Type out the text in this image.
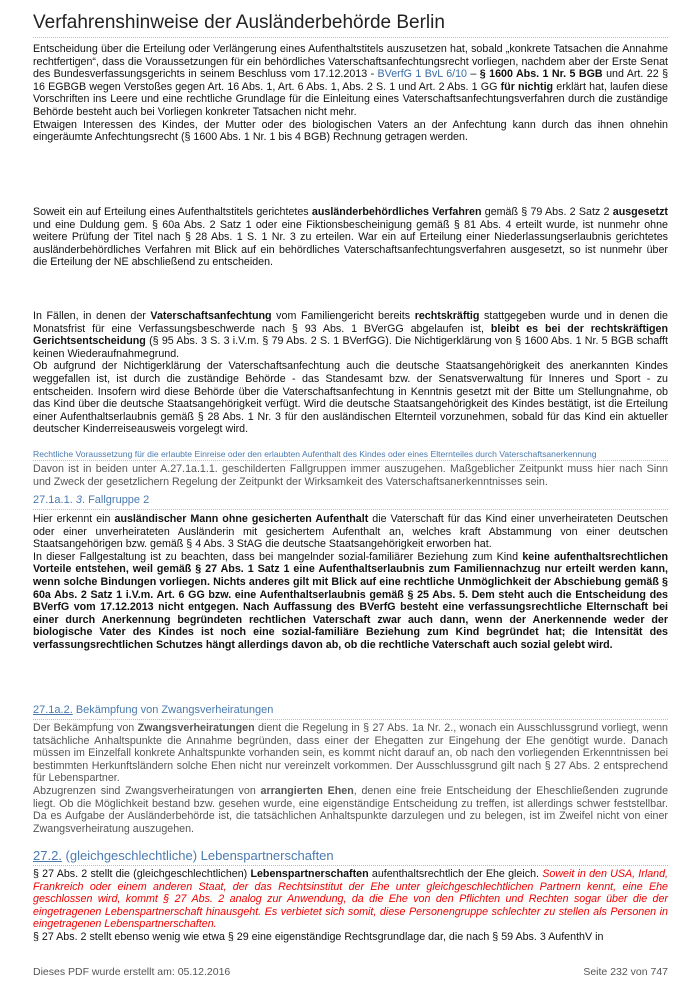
Verfahrenshinweise der Ausländerbehörde Berlin
Entscheidung über die Erteilung oder Verlängerung eines Aufenthaltstitels auszusetzen hat, sobald „konkrete Tatsachen die Annahme rechtfertigen“, dass die Voraussetzungen für ein behördliches Vaterschaftsanfechtungsrecht vorliegen, nachdem aber der Erste Senat des Bundesverfassungsgerichts in seinem Beschluss vom 17.12.2013 - BVerfG 1 BvL 6/10 – § 1600 Abs. 1 Nr. 5 BGB und Art. 22 § 16 EGBGB wegen Verstoßes gegen Art. 16 Abs. 1, Art. 6 Abs. 1, Abs. 2 S. 1 und Art. 2 Abs. 1 GG für nichtig erklärt hat, laufen diese Vorschriften ins Leere und eine rechtliche Grundlage für die Einleitung eines Vaterschaftsanfechtungsverfahren durch die zuständige Behörde besteht auch bei Vorliegen konkreter Tatsachen nicht mehr.
Etwaigen Interessen des Kindes, der Mutter oder des biologischen Vaters an der Anfechtung kann durch das ihnen ohnehin eingeräumte Anfechtungsrecht (§ 1600 Abs. 1 Nr. 1 bis 4 BGB) Rechnung getragen werden.
Soweit ein auf Erteilung eines Aufenthaltstitels gerichtetes ausländerbehördliches Verfahren gemäß § 79 Abs. 2 Satz 2 ausgesetzt und eine Duldung gem. § 60a Abs. 2 Satz 1 oder eine Fiktionsbescheinigung gemäß § 81 Abs. 4 erteilt wurde, ist nunmehr ohne weitere Prüfung der Titel nach § 28 Abs. 1 S. 1 Nr. 3 zu erteilen. War ein auf Erteilung einer Niederlassungserlaubnis gerichtetes ausländerbehördliches Verfahren mit Blick auf ein behördliches Vaterschaftsanfechtungsverfahren ausgesetzt, so ist nunmehr über die Erteilung der NE abschließend zu entscheiden.
In Fällen, in denen der Vaterschaftsanfechtung vom Familiengericht bereits rechtskräftig stattgegeben wurde und in denen die Monatsfrist für eine Verfassungsbeschwerde nach § 93 Abs. 1 BVerGG abgelaufen ist, bleibt es bei der rechtskräftigen Gerichtsentscheidung (§ 95 Abs. 3 S. 3 i.V.m. § 79 Abs. 2 S. 1 BVerfGG). Die Nichtigerklärung von § 1600 Abs. 1 Nr. 5 BGB schafft keinen Wiederaufnahmegrund.
Ob aufgrund der Nichtigerklärung der Vaterschaftsanfechtung auch die deutsche Staatsangehörigkeit des anerkannten Kindes weggefallen ist, ist durch die zuständige Behörde - das Standesamt bzw. der Senatsverwaltung für Inneres und Sport - zu entscheiden. Insofern wird diese Behörde über die Vaterschaftsanfechtung in Kenntnis gesetzt mit der Bitte um Stellungnahme, ob das Kind über die deutsche Staatsangehörigkeit verfügt. Wird die deutsche Staatsangehörigkeit des Kindes bestätigt, ist die Erteilung einer Aufenthaltserlaubnis gemäß § 28 Abs. 1 Nr. 3 für den ausländischen Elternteil vorzunehmen, sobald für das Kind ein aktueller deutscher Kinderreiseausweis vorgelegt wird.
Rechtliche Voraussetzung für die erlaubte Einreise oder den erlaubten Aufenthalt des Kindes oder eines Elternteiles durch Vaterschaftsanerkennung
Davon ist in beiden unter A.27.1a.1.1. geschilderten Fallgruppen immer auszugehen. Maßgeblicher Zeitpunkt muss hier nach Sinn und Zweck der gesetzlichern Regelung der Zeitpunkt der Wirksamkeit des Vaterschaftsanerkenntnisses sein.
27.1a.1. 3. Fallgruppe 2
Hier erkennt ein ausländischer Mann ohne gesicherten Aufenthalt die Vaterschaft für das Kind einer unverheirateten Deutschen oder einer unverheirateten Ausländerin mit gesichertem Aufenthalt an, welches kraft Abstammung von einer deutschen Staatsangehörigen bzw. gemäß § 4 Abs. 3 StAG die deutsche Staatsangehörigkeit erworben hat.
In dieser Fallgestaltung ist zu beachten, dass bei mangelnder sozial-familiärer Beziehung zum Kind keine aufenthaltsrechtlichen Vorteile entstehen, weil gemäß § 27 Abs. 1 Satz 1 eine Aufenthaltserlaubnis zum Familiennachzug nur erteilt werden kann, wenn solche Bindungen vorliegen. Nichts anderes gilt mit Blick auf eine rechtliche Unmöglichkeit der Abschiebung gemäß § 60a Abs. 2 Satz 1 i.V.m. Art. 6 GG bzw. eine Aufenthaltserlaubnis gemäß § 25 Abs. 5. Dem steht auch die Entscheidung des BVerfG vom 17.12.2013 nicht entgegen. Nach Auffassung des BVerfG besteht eine verfassungsrechtliche Elternschaft bei einer durch Anerkennung begründeten rechtlichen Vaterschaft zwar auch dann, wenn der Anerkennende weder der biologische Vater des Kindes ist noch eine sozial-familiäre Beziehung zum Kind begründet hat; die Intensität des verfassungsrechtlichen Schutzes hängt allerdings davon ab, ob die rechtliche Vaterschaft auch sozial gelebt wird.
27.1a.2. Bekämpfung von Zwangsverheiratungen
Der Bekämpfung von Zwangsverheiratungen dient die Regelung in § 27 Abs. 1a Nr. 2., wonach ein Ausschlussgrund vorliegt, wenn tatsächliche Anhaltspunkte die Annahme begründen, dass einer der Ehegatten zur Eingehung der Ehe genötigt wurde. Danach müssen im Einzelfall konkrete Anhaltspunkte vorhanden sein, es kommt nicht darauf an, ob nach den vorliegenden Erkenntnissen bei bestimmten Herkunftsländern solche Ehen nicht nur vereinzelt vorkommen. Der Ausschlussgrund gilt nach § 27 Abs. 2 entsprechend für Lebenspartner.
Abzugrenzen sind Zwangsverheiratungen von arrangierten Ehen, denen eine freie Entscheidung der Eheschließenden zugrunde liegt. Ob die Möglichkeit bestand bzw. gesehen wurde, eine eigenständige Entscheidung zu treffen, ist allerdings schwer feststellbar. Da es Aufgabe der Ausländerbehörde ist, die tatsächlichen Anhaltspunkte darzulegen und zu belegen, ist im Zweifel nicht von einer Zwangsverheiratung auszugehen.
27.2. (gleichgeschlechtliche) Lebenspartnerschaften
§ 27 Abs. 2 stellt die (gleichgeschlechtlichen) Lebenspartnerschaften aufenthaltsrechtlich der Ehe gleich. Soweit in den USA, Irland, Frankreich oder einem anderen Staat, der das Rechtsinstitut der Ehe unter gleichgeschlechtlichen Partnern kennt, eine Ehe geschlossen wird, kommt § 27 Abs. 2 analog zur Anwendung, da die Ehe von den Pflichten und Rechten sogar über die der eingetragenen Lebenspartnerschaft hinausgeht. Es verbietet sich somit, diese Personengruppe schlechter zu stellen als Personen in eingetragenen Lebenspartnerschaften.
§ 27 Abs. 2 stellt ebenso wenig wie etwa § 29 eine eigenständige Rechtsgrundlage dar, die nach § 59 Abs. 3 AufenthV in
Dieses PDF wurde erstellt am: 05.12.2016	Seite 232 von 747
